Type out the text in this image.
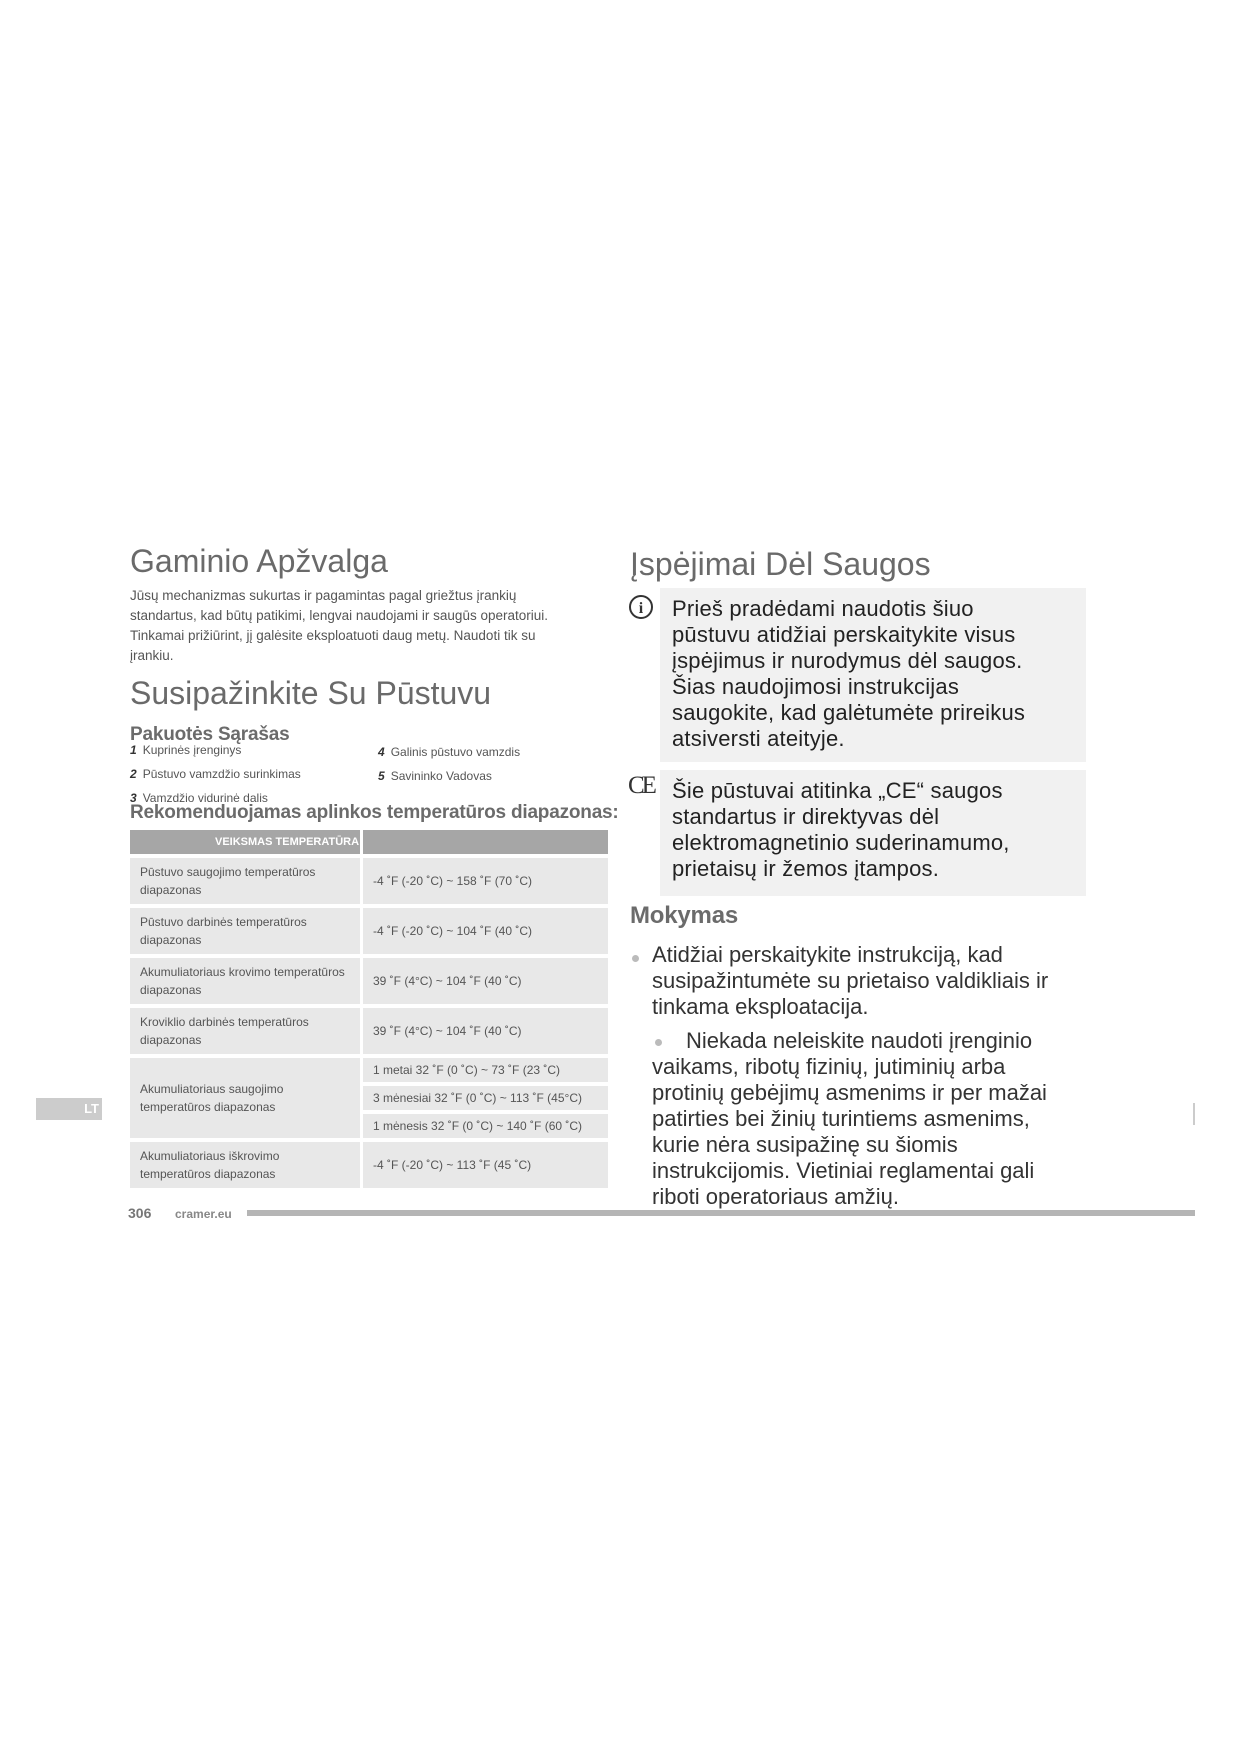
Gaminio Apžvalga
Jūsų mechanizmas sukurtas ir pagamintas pagal griežtus įrankių
standartus, kad būtų patikimi, lengvai naudojami ir saugūs operatoriui.
Tinkamai prižiūrint, jį galėsite eksploatuoti daug metų. Naudoti tik su
įrankiu.
Susipažinkite Su Pūstuvu
Pakuotės Sąrašas
1 Kuprinės įrenginys
2 Pūstuvo vamzdžio surinkimas
3 Vamzdžio vidurinė dalis
4 Galinis pūstuvo vamzdis
5 Savininko Vadovas
Rekomenduojamas aplinkos temperatūros diapazonas:
VEIKSMAS TEMPERATŪRA	
Pūstuvo saugojimo temperatūros diapazonas	-4 ˚F (-20 ˚C) ~ 158 ˚F (70 ˚C)
Pūstuvo darbinės temperatūros diapazonas	-4 ˚F (-20 ˚C) ~ 104 ˚F (40 ˚C)
Akumuliatoriaus krovimo temperatūros diapazonas	39 ˚F (4°C) ~ 104 ˚F (40 ˚C)
Kroviklio darbinės temperatūros diapazonas	39 ˚F (4°C) ~ 104 ˚F (40 ˚C)
Akumuliatoriaus saugojimo temperatūros diapazonas	1 metai 32 ˚F (0 ˚C) ~ 73 ˚F (23 ˚C)
	3 mėnesiai 32 ˚F (0 ˚C) ~ 113 ˚F (45°C)
	1 mėnesis 32 ˚F (0 ˚C) ~ 140 ˚F (60 ˚C)
Akumuliatoriaus iškrovimo temperatūros diapazonas	-4 ˚F (-20 ˚C) ~ 113 ˚F (45 ˚C)
LT
Įspėjimai Dėl Saugos
i Prieš pradėdami naudotis šiuo
pūstuvu atidžiai perskaitykite visus
įspėjimus ir nurodymus dėl saugos.
Šias naudojimosi instrukcijas
saugokite, kad galėtumėte prireikus
atsiversti ateityje.
CE Šie pūstuvai atitinka „CE“ saugos
standartus ir direktyvas dėl
elektromagnetinio suderinamumo,
prietaisų ir žemos įtampos.
Mokymas
Atidžiai perskaitykite instrukciją, kad
susipažintumėte su prietaiso valdikliais ir
tinkama eksploatacija.
Niekada neleiskite naudoti įrenginio
vaikams, ribotų fizinių, jutiminių arba
protinių gebėjimų asmenims ir per mažai
patirties bei žinių turintiems asmenims,
kurie nėra susipažinę su šiomis
instrukcijomis. Vietiniai reglamentai gali
riboti operatoriaus amžių.
306 cramer.eu
